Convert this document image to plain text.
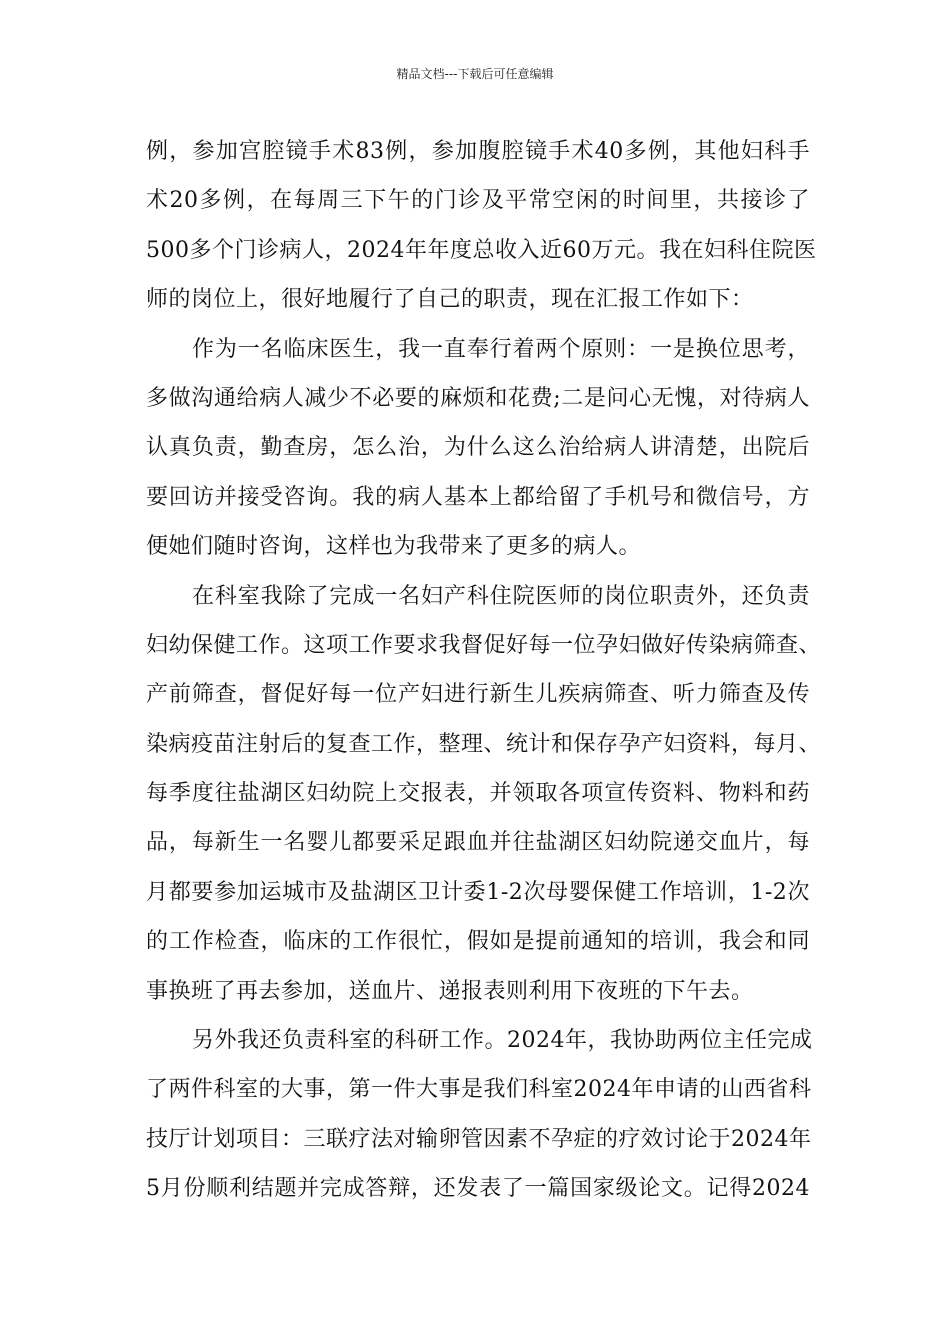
精品文档---下载后可任意编辑
例，参加宫腔镜手术83例，参加腹腔镜手术40多例，其他妇科手
术20多例，在每周三下午的门诊及平常空闲的时间里，共接诊了
500多个门诊病人，2024年年度总收入近60万元。我在妇科住院医
师的岗位上，很好地履行了自己的职责，现在汇报工作如下：
作为一名临床医生，我一直奉行着两个原则：一是换位思考，
多做沟通给病人减少不必要的麻烦和花费;二是问心无愧，对待病人
认真负责，勤查房，怎么治，为什么这么治给病人讲清楚，出院后
要回访并接受咨询。我的病人基本上都给留了手机号和微信号，方
便她们随时咨询，这样也为我带来了更多的病人。
在科室我除了完成一名妇产科住院医师的岗位职责外，还负责
妇幼保健工作。这项工作要求我督促好每一位孕妇做好传染病筛查、
产前筛查，督促好每一位产妇进行新生儿疾病筛查、听力筛查及传
染病疫苗注射后的复查工作，整理、统计和保存孕产妇资料，每月、
每季度往盐湖区妇幼院上交报表，并领取各项宣传资料、物料和药
品，每新生一名婴儿都要采足跟血并往盐湖区妇幼院递交血片，每
月都要参加运城市及盐湖区卫计委1-2次母婴保健工作培训，1-2次
的工作检查，临床的工作很忙，假如是提前通知的培训，我会和同
事换班了再去参加，送血片、递报表则利用下夜班的下午去。
另外我还负责科室的科研工作。2024年，我协助两位主任完成
了两件科室的大事，第一件大事是我们科室2024年申请的山西省科
技厅计划项目：三联疗法对输卵管因素不孕症的疗效讨论于2024年
5月份顺利结题并完成答辩，还发表了一篇国家级论文。记得2024
